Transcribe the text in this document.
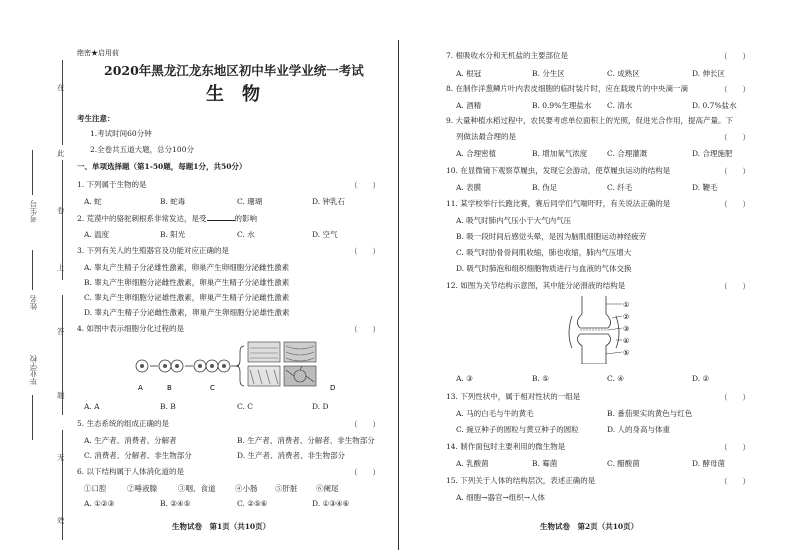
在
此
卷
上
答
题
无
效
考生号
姓名
毕业学校
绝密★启用前
2020年黑龙江龙东地区初中毕业学业统一考试
生　物
考生注意：
1.考试时间60分钟
2.全卷共五道大题，总分100分
一、单项选择题（第1-50题，每题1分，共50分）
1. 下列属于生物的是	（　　）
A. 蛇	B. 蛇毒	C. 珊瑚	D. 钟乳石
2. 荒漠中的骆驼刺根系非常发达，是受	的影响
A. 温度	B. 阳光	C. 水	D. 空气
3. 下列有关人的生殖器官及功能对应正确的是	（　　）
A. 睾丸产生精子分泌雄性激素，卵巢产生卵细胞分泌雌性激素
B. 睾丸产生卵细胞分泌雌性激素，卵巢产生精子分泌雄性激素
C. 睾丸产生卵细胞分泌雄性激素，卵巢产生精子分泌雌性激素
D. 睾丸产生精子分泌雌性激素，卵巢产生卵细胞分泌雄性激素
4. 如图中表示细胞分化过程的是	（　　）
A	B	C	D
A. A	B. B	C. C	D. D
5. 生态系统的组成正确的是	（　　）
A. 生产者、消费者、分解者	B. 生产者、消费者、分解者、非生物部分
C. 消费者、分解者、非生物部分	D. 生产者、消费者、非生物部分
6. 以下结构属于人体消化道的是	（　　）
①口腔	②唾液腺	③咽、食道	④小肠 ⑤肝脏 ⑥阑尾
A. ①②③	B. ②④⑤	C. ②⑤⑥	D. ①③④⑥
生物试卷　第1页（共10页）
7. 根吸收水分和无机盐的主要部位是	（　　）
A. 根冠	B. 分生区	C. 成熟区	D. 伸长区
8. 在制作洋葱鳞片叶内表皮细胞的临时装片时，应在载玻片的中央滴一滴	（　　）
A. 酒精	B. 0.9%生理盐水 C. 清水	D. 0.7%盐水
9. 大量种植水稻过程中，农民要考虑单位面积上的光照，促进光合作用，提高产量。下
列做法最合理的是	（　　）
A. 合理密植	B. 增加氧气浓度	C. 合理灌溉	D. 合理施肥
10. 在显微镜下观察草履虫，发现它会游动，使草履虫运动的结构是	（　　）
A. 表膜	B. 伪足	C. 纤毛	D. 鞭毛
11. 某学校举行长跑比赛，赛后同学们气喘吁吁，有关说法正确的是	（　　）
A. 吸气时肺内气压小于大气内气压
B. 吸一段时间后感觉头晕，是因为脑肌细胞运动神经疲劳
C. 吸气时肋骨骨间肌收缩，肺也收缩，肺内气压增大
D. 吸气时肺泡和组织细胞物质进行与血液的气体交换
12. 如图为关节结构示意图，其中能分泌滑液的结构是	（　　）
①
②
③
④
⑤
A. ③	B. ⑤	C. ④	D. ②
13. 下列性状中，属于相对性状的一组是	（　　）
A. 马的白毛与牛的黄毛	B. 番茄果实的黄色与红色
C. 豌豆种子的圆粒与黄豆种子的圆粒	D. 人的身高与体重
14. 制作面包时主要利用的微生物是	（　　）
A. 乳酸菌	B. 霉菌	C. 醋酸菌	D. 酵母菌
15. 下列关于人体的结构层次，表述正确的是	（　　）
A. 细胞→器官→组织→人体
生物试卷　第2页（共10页）
